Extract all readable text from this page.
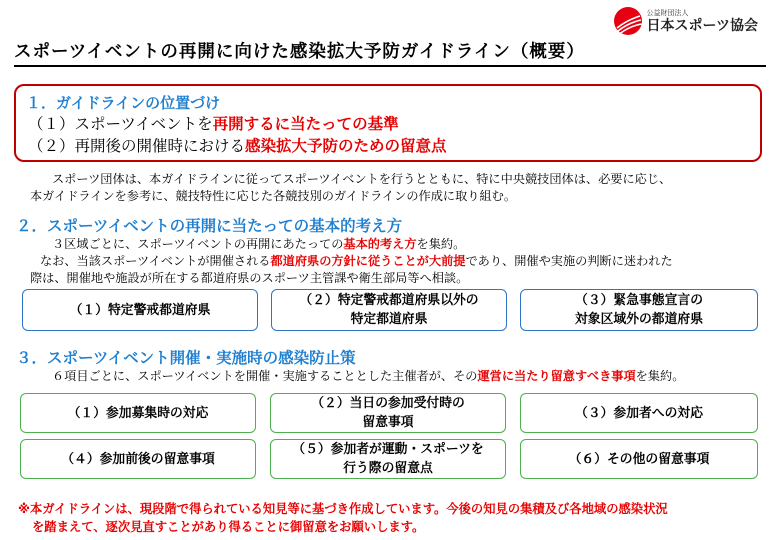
公益財団法人
日本スポーツ協会
スポーツイベントの再開に向けた感染拡大予防ガイドライン（概要）
１．ガイドラインの位置づけ
（１）スポーツイベントを再開するに当たっての基準
（２）再開後の開催時における感染拡大予防のための留意点
スポーツ団体は、本ガイドラインに従ってスポーツイベントを行うとともに、特に中央競技団体は、必要に応じ、
本ガイドラインを参考に、競技特性に応じた各競技別のガイドラインの作成に取り組む。
２．スポーツイベントの再開に当たっての基本的考え方
３区域ごとに、スポーツイベントの再開にあたっての基本的考え方を集約。
なお、当該スポーツイベントが開催される都道府県の方針に従うことが大前提であり、開催や実施の判断に迷われた
際は、開催地や施設が所在する都道府県のスポーツ主管課や衛生部局等へ相談。
（１）特定警戒都道府県
（２）特定警戒都道府県以外の
特定都道府県
（３）緊急事態宣言の
対象区域外の都道府県
３．スポーツイベント開催・実施時の感染防止策
６項目ごとに、スポーツイベントを開催・実施することとした主催者が、その運営に当たり留意すべき事項を集約。
（１）参加募集時の対応
（２）当日の参加受付時の
留意事項
（３）参加者への対応
（４）参加前後の留意事項
（５）参加者が運動・スポーツを
行う際の留意点
（６）その他の留意事項
※本ガイドラインは、現段階で得られている知見等に基づき作成しています。今後の知見の集積及び各地域の感染状況
を踏まえて、逐次見直すことがあり得ることに御留意をお願いします。
